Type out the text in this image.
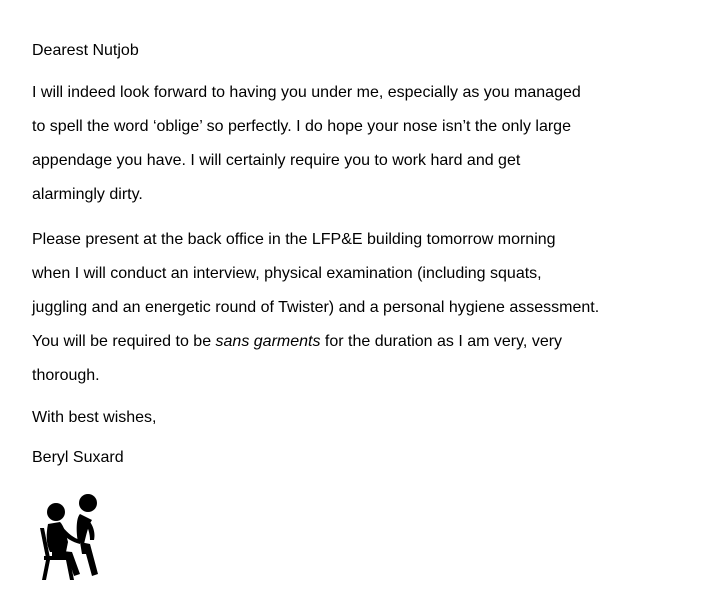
Dearest Nutjob
I will indeed look forward to having you under me, especially as you managed
to spell the word ‘oblige’ so perfectly. I do hope your nose isn’t the only large
appendage you have. I will certainly require you to work hard and get
alarmingly dirty.
Please present at the back office in the LFP&E building tomorrow morning
when I will conduct an interview, physical examination (including squats,
juggling and an energetic round of Twister) and a personal hygiene assessment.
You will be required to be sans garments for the duration as I am very, very
thorough.
With best wishes,
Beryl Suxard
